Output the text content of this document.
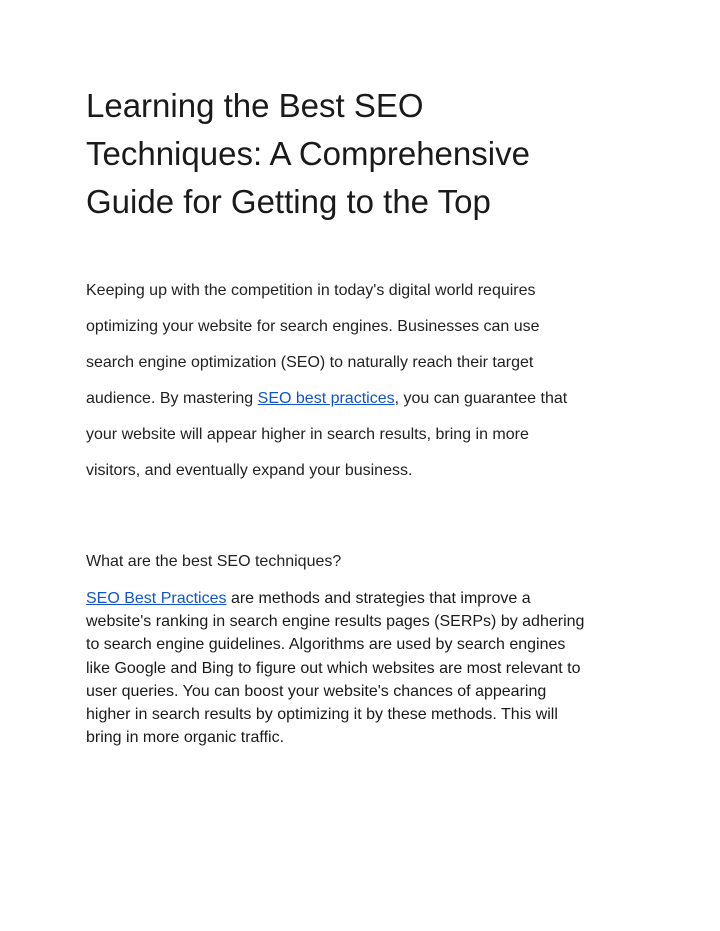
Learning the Best SEO
Techniques: A Comprehensive
Guide for Getting to the Top

Keeping up with the competition in today's digital world requires
optimizing your website for search engines. Businesses can use
search engine optimization (SEO) to naturally reach their target
audience. By mastering SEO best practices, you can guarantee that
your website will appear higher in search results, bring in more
visitors, and eventually expand your business.

What are the best SEO techniques?

SEO Best Practices are methods and strategies that improve a
website's ranking in search engine results pages (SERPs) by adhering
to search engine guidelines. Algorithms are used by search engines
like Google and Bing to figure out which websites are most relevant to
user queries. You can boost your website's chances of appearing
higher in search results by optimizing it by these methods. This will
bring in more organic traffic.
